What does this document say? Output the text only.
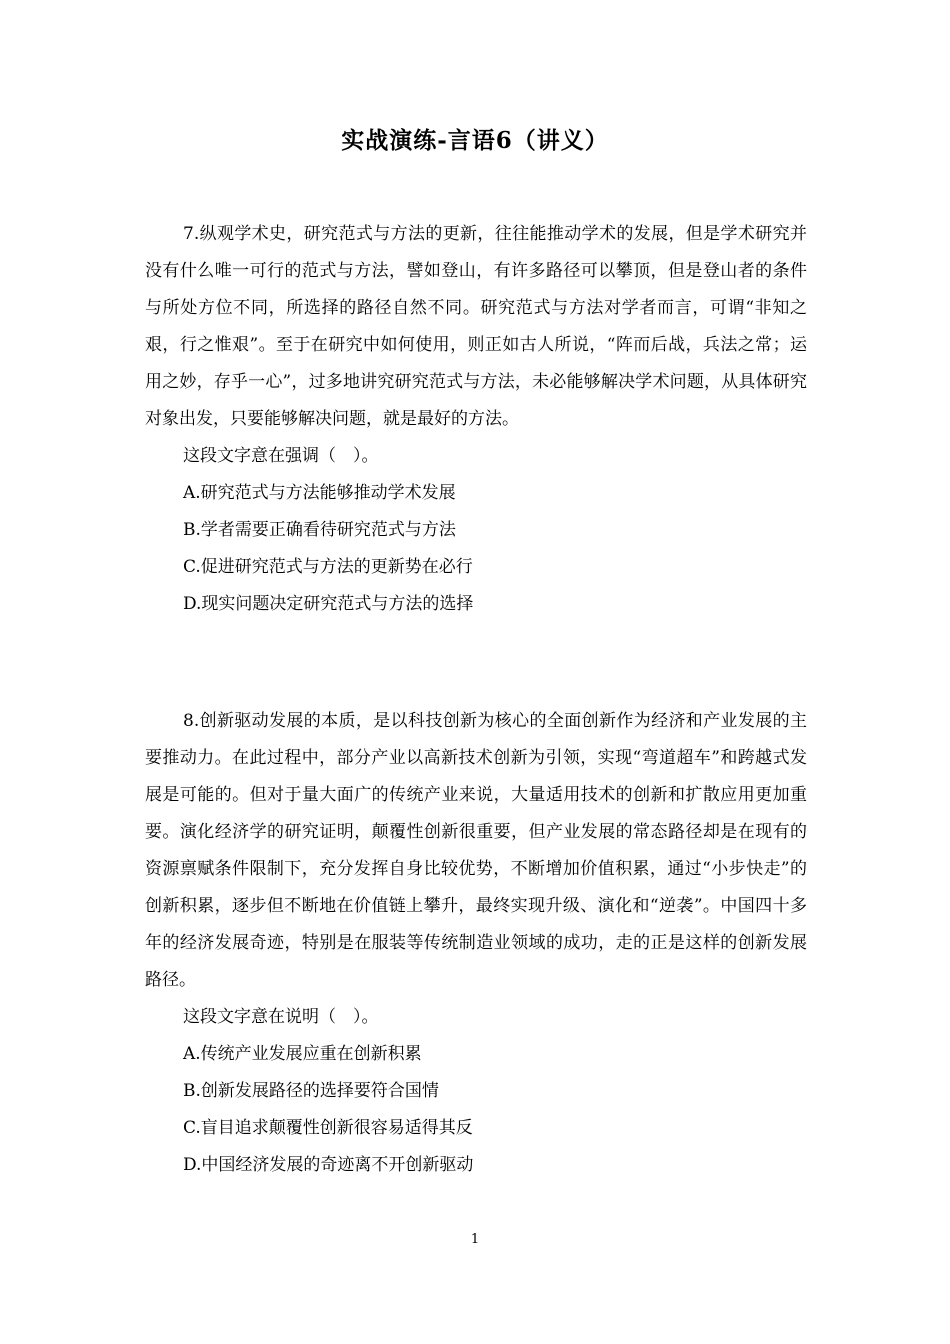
实战演练-言语6（讲义）

7.纵观学术史，研究范式与方法的更新，往往能推动学术的发展，但是学术研究并没有什么唯一可行的范式与方法，譬如登山，有许多路径可以攀顶，但是登山者的条件与所处方位不同，所选择的路径自然不同。研究范式与方法对学者而言，可谓“非知之艰，行之惟艰”。至于在研究中如何使用，则正如古人所说，“阵而后战，兵法之常；运用之妙，存乎一心”，过多地讲究研究范式与方法，未必能够解决学术问题，从具体研究对象出发，只要能够解决问题，就是最好的方法。

这段文字意在强调（　）。

A.研究范式与方法能够推动学术发展
B.学者需要正确看待研究范式与方法
C.促进研究范式与方法的更新势在必行
D.现实问题决定研究范式与方法的选择

8.创新驱动发展的本质，是以科技创新为核心的全面创新作为经济和产业发展的主要推动力。在此过程中，部分产业以高新技术创新为引领，实现“弯道超车”和跨越式发展是可能的。但对于量大面广的传统产业来说，大量适用技术的创新和扩散应用更加重要。演化经济学的研究证明，颠覆性创新很重要，但产业发展的常态路径却是在现有的资源禀赋条件限制下，充分发挥自身比较优势，不断增加价值积累，通过“小步快走”的创新积累，逐步但不断地在价值链上攀升，最终实现升级、演化和“逆袭”。中国四十多年的经济发展奇迹，特别是在服装等传统制造业领域的成功，走的正是这样的创新发展路径。

这段文字意在说明（　）。

A.传统产业发展应重在创新积累
B.创新发展路径的选择要符合国情
C.盲目追求颠覆性创新很容易适得其反
D.中国经济发展的奇迹离不开创新驱动
1
